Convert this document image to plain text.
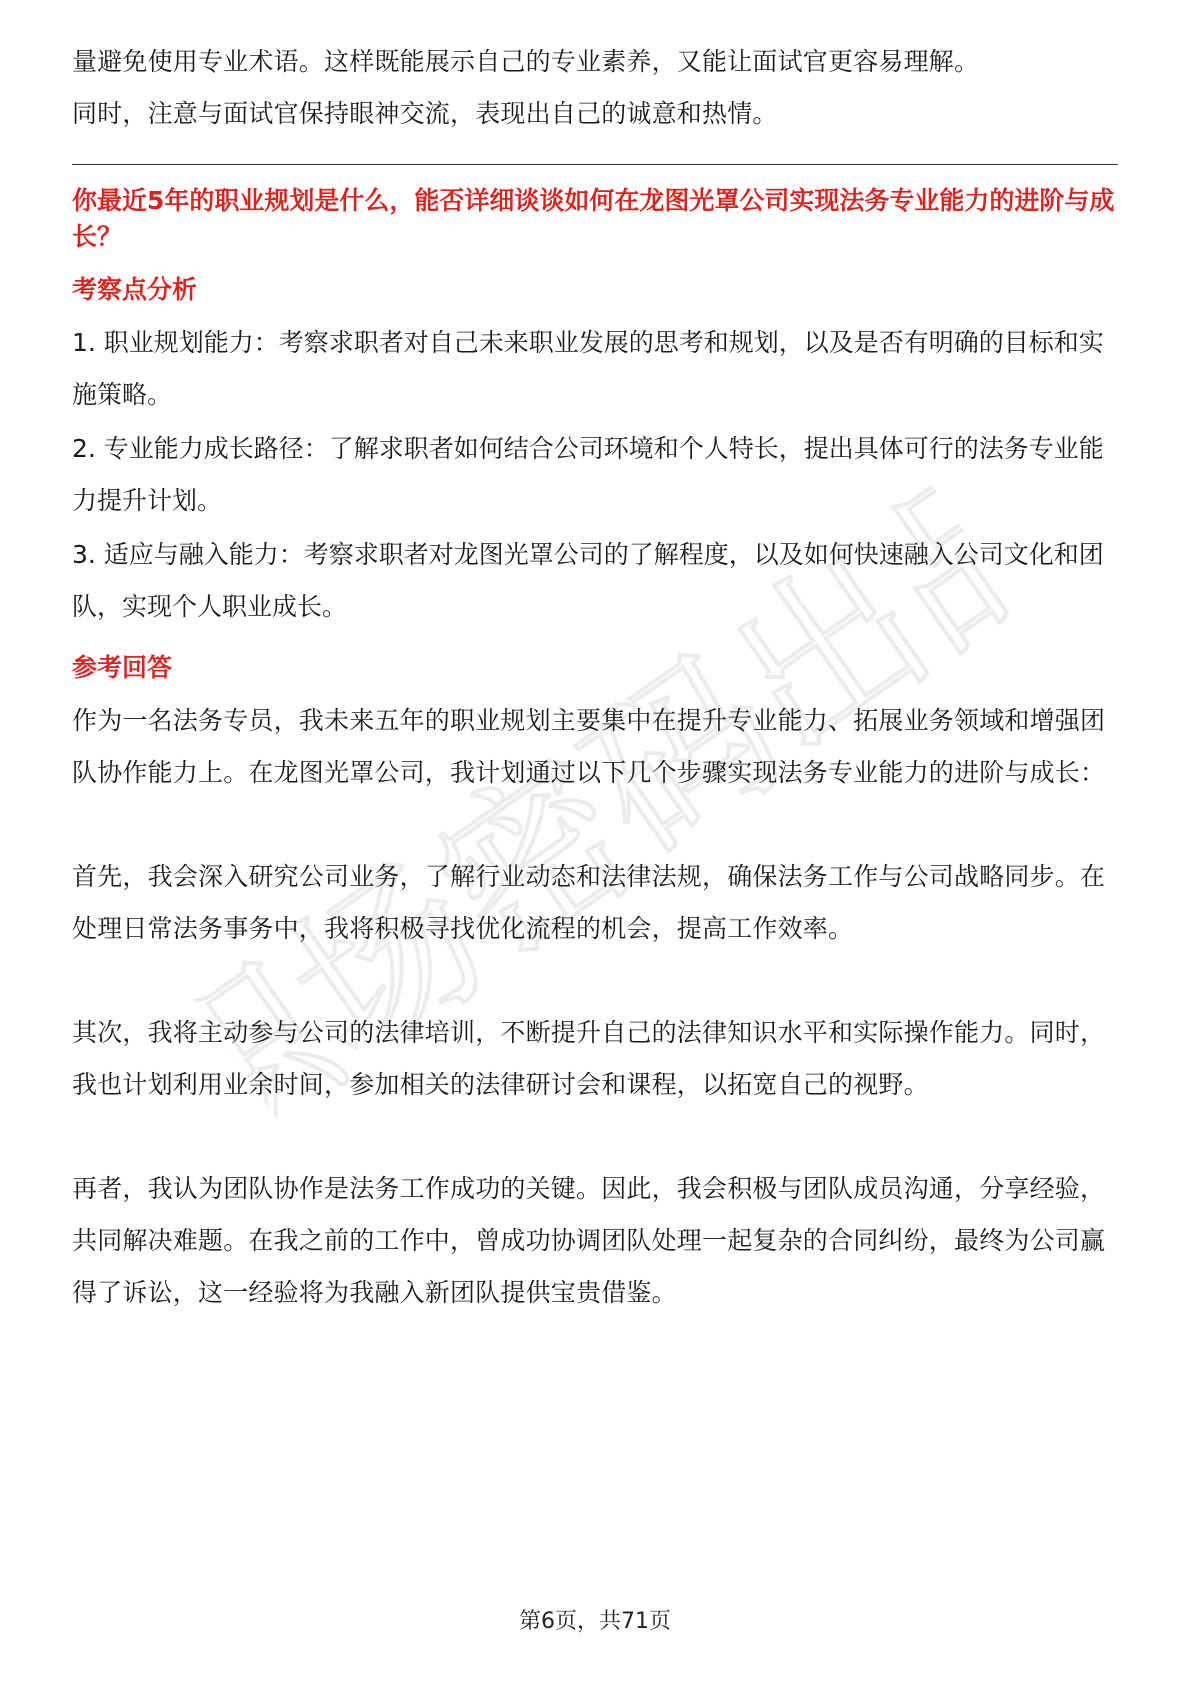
职场密码出品

量避免使用专业术语。这样既能展示自己的专业素养，又能让面试官更容易理解。

同时，注意与面试官保持眼神交流，表现出自己的诚意和热情。

你最近5年的职业规划是什么，能否详细谈谈如何在龙图光罩公司实现法务专业能力的进阶与成长？

考察点分析

1. 职业规划能力：考察求职者对自己未来职业发展的思考和规划，以及是否有明确的目标和实施策略。

2. 专业能力成长路径：了解求职者如何结合公司环境和个人特长，提出具体可行的法务专业能力提升计划。

3. 适应与融入能力：考察求职者对龙图光罩公司的了解程度，以及如何快速融入公司文化和团队，实现个人职业成长。

参考回答

作为一名法务专员，我未来五年的职业规划主要集中在提升专业能力、拓展业务领域和增强团队协作能力上。在龙图光罩公司，我计划通过以下几个步骤实现法务专业能力的进阶与成长：

首先，我会深入研究公司业务，了解行业动态和法律法规，确保法务工作与公司战略同步。在处理日常法务事务中，我将积极寻找优化流程的机会，提高工作效率。

其次，我将主动参与公司的法律培训，不断提升自己的法律知识水平和实际操作能力。同时，我也计划利用业余时间，参加相关的法律研讨会和课程，以拓宽自己的视野。

再者，我认为团队协作是法务工作成功的关键。因此，我会积极与团队成员沟通，分享经验，共同解决难题。在我之前的工作中，曾成功协调团队处理一起复杂的合同纠纷，最终为公司赢得了诉讼，这一经验将为我融入新团队提供宝贵借鉴。

第6页，共71页
